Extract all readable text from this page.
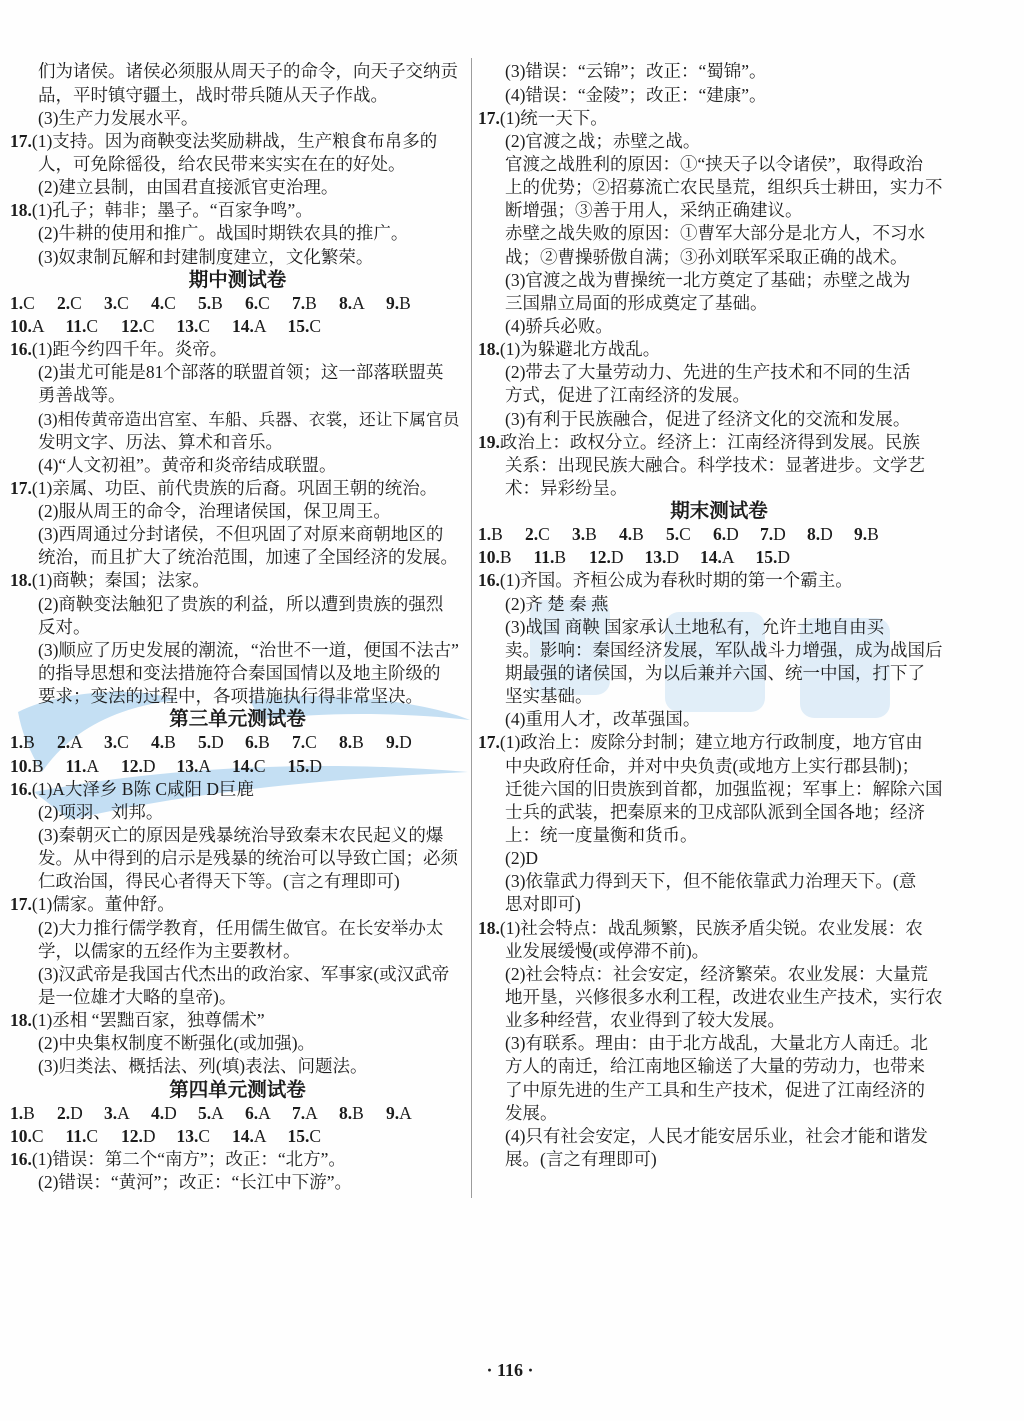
们为诸侯。诸侯必须服从周天子的命令，向天子交纳贡
品，平时镇守疆土，战时带兵随从天子作战。
(3)生产力发展水平。
17.(1)支持。因为商鞅变法奖励耕战，生产粮食布帛多的
人，可免除徭役，给农民带来实实在在的好处。
(2)建立县制，由国君直接派官吏治理。
18.(1)孔子；韩非；墨子。“百家争鸣”。
(2)牛耕的使用和推广。战国时期铁农具的推广。
(3)奴隶制瓦解和封建制度建立，文化繁荣。
期中测试卷
1.C 2.C 3.C 4.C 5.B 6.C 7.B 8.A 9.B
10.A 11.C 12.C 13.C 14.A 15.C
16.(1)距今约四千年。炎帝。
(2)蚩尤可能是81个部落的联盟首领；这一部落联盟英
勇善战等。
(3)相传黄帝造出宫室、车船、兵器、衣裳，还让下属官员
发明文字、历法、算术和音乐。
(4)“人文初祖”。黄帝和炎帝结成联盟。
17.(1)亲属、功臣、前代贵族的后裔。巩固王朝的统治。
(2)服从周王的命令，治理诸侯国，保卫周王。
(3)西周通过分封诸侯，不但巩固了对原来商朝地区的
统治，而且扩大了统治范围，加速了全国经济的发展。
18.(1)商鞅；秦国；法家。
(2)商鞅变法触犯了贵族的利益，所以遭到贵族的强烈
反对。
(3)顺应了历史发展的潮流，“治世不一道，便国不法古”
的指导思想和变法措施符合秦国国情以及地主阶级的
要求；变法的过程中，各项措施执行得非常坚决。
第三单元测试卷
1.B 2.A 3.C 4.B 5.D 6.B 7.C 8.B 9.D
10.B 11.A 12.D 13.A 14.C 15.D
16.(1)A大泽乡 B陈 C咸阳 D巨鹿
(2)项羽、刘邦。
(3)秦朝灭亡的原因是残暴统治导致秦末农民起义的爆
发。从中得到的启示是残暴的统治可以导致亡国；必须
仁政治国，得民心者得天下等。(言之有理即可)
17.(1)儒家。董仲舒。
(2)大力推行儒学教育，任用儒生做官。在长安举办太
学，以儒家的五经作为主要教材。
(3)汉武帝是我国古代杰出的政治家、军事家(或汉武帝
是一位雄才大略的皇帝)。
18.(1)丞相 “罢黜百家，独尊儒术”
(2)中央集权制度不断强化(或加强)。
(3)归类法、概括法、列(填)表法、问题法。
第四单元测试卷
1.B 2.D 3.A 4.D 5.A 6.A 7.A 8.B 9.A
10.C 11.C 12.D 13.C 14.A 15.C
16.(1)错误：第二个“南方”；改正：“北方”。
(2)错误：“黄河”；改正：“长江中下游”。
(3)错误：“云锦”；改正：“蜀锦”。
(4)错误：“金陵”；改正：“建康”。
17.(1)统一天下。
(2)官渡之战；赤壁之战。
官渡之战胜利的原因：①“挟天子以令诸侯”，取得政治
上的优势；②招募流亡农民垦荒，组织兵士耕田，实力不
断增强；③善于用人，采纳正确建议。
赤壁之战失败的原因：①曹军大部分是北方人，不习水
战；②曹操骄傲自满；③孙刘联军采取正确的战术。
(3)官渡之战为曹操统一北方奠定了基础；赤壁之战为
三国鼎立局面的形成奠定了基础。
(4)骄兵必败。
18.(1)为躲避北方战乱。
(2)带去了大量劳动力、先进的生产技术和不同的生活
方式，促进了江南经济的发展。
(3)有利于民族融合，促进了经济文化的交流和发展。
19.政治上：政权分立。经济上：江南经济得到发展。民族
关系：出现民族大融合。科学技术：显著进步。文学艺
术：异彩纷呈。
期末测试卷
1.B 2.C 3.B 4.B 5.C 6.D 7.D 8.D 9.B
10.B 11.B 12.D 13.D 14.A 15.D
16.(1)齐国。齐桓公成为春秋时期的第一个霸主。
(2)齐 楚 秦 燕
(3)战国 商鞅 国家承认土地私有，允许土地自由买
卖。影响：秦国经济发展，军队战斗力增强，成为战国后
期最强的诸侯国，为以后兼并六国、统一中国，打下了
坚实基础。
(4)重用人才，改革强国。
17.(1)政治上：废除分封制；建立地方行政制度，地方官由
中央政府任命，并对中央负责(或地方上实行郡县制)；
迁徙六国的旧贵族到首都，加强监视；军事上：解除六国
士兵的武装，把秦原来的卫戍部队派到全国各地；经济
上：统一度量衡和货币。
(2)D
(3)依靠武力得到天下，但不能依靠武力治理天下。(意
思对即可)
18.(1)社会特点：战乱频繁，民族矛盾尖锐。农业发展：农
业发展缓慢(或停滞不前)。
(2)社会特点：社会安定，经济繁荣。农业发展：大量荒
地开垦，兴修很多水利工程，改进农业生产技术，实行农
业多种经营，农业得到了较大发展。
(3)有联系。理由：由于北方战乱，大量北方人南迁。北
方人的南迁，给江南地区输送了大量的劳动力，也带来
了中原先进的生产工具和生产技术，促进了江南经济的
发展。
(4)只有社会安定，人民才能安居乐业，社会才能和谐发
展。(言之有理即可)
· 116 ·
